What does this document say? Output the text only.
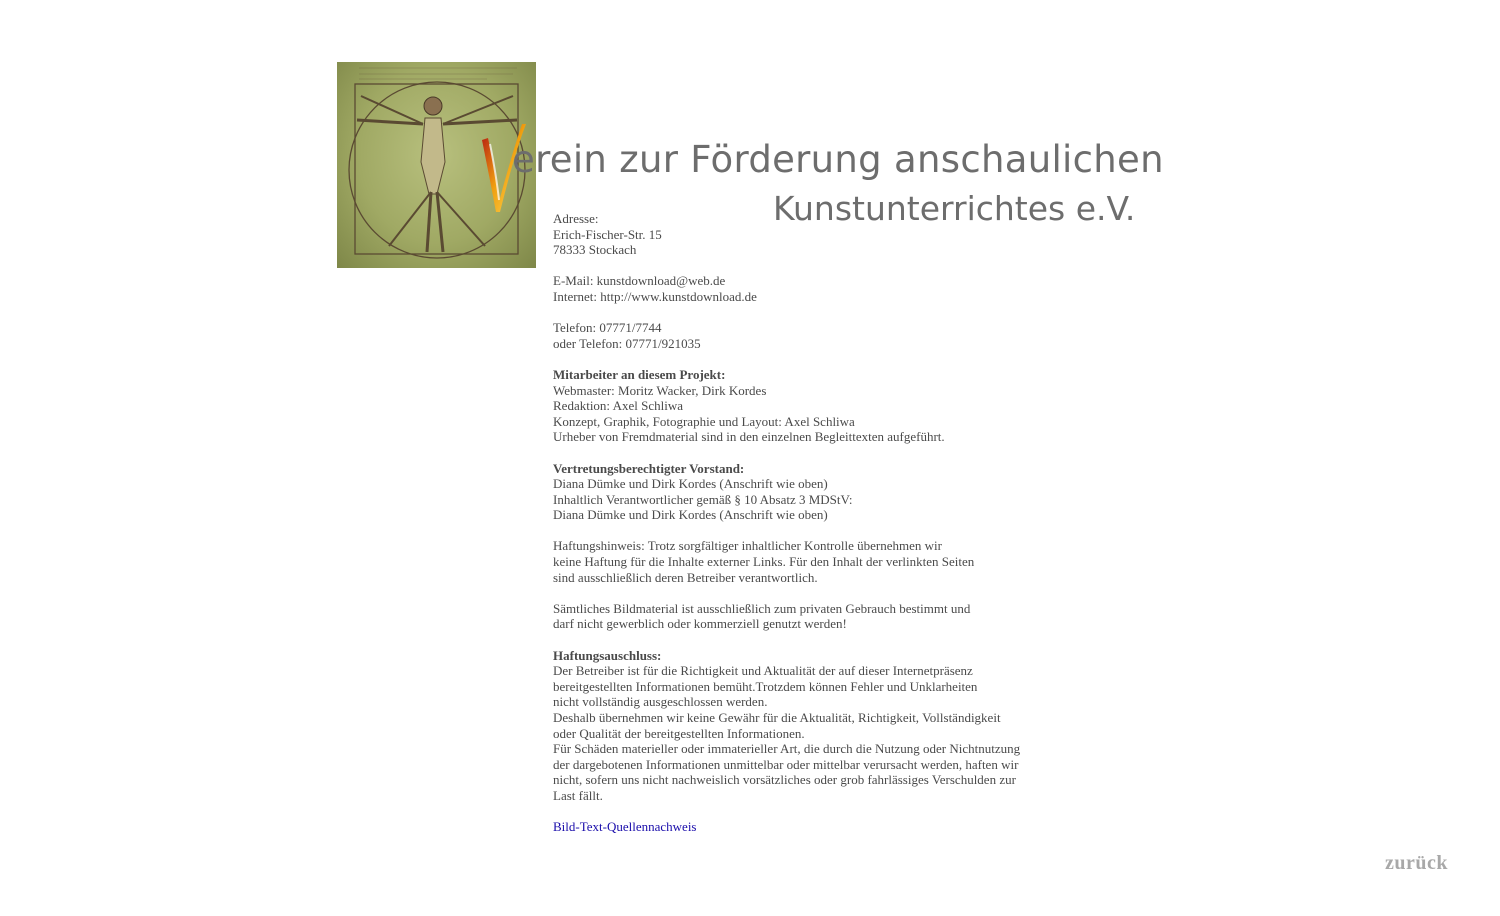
V
erein zur Förderung anschaulichen
Kunstunterrichtes e.V.
Adresse:
Erich-Fischer-Str. 15
78333 Stockach
E-Mail: kunstdownload@web.de
Internet: http://www.kunstdownload.de
Telefon: 07771/7744
oder Telefon: 07771/921035
Mitarbeiter an diesem Projekt:
Webmaster: Moritz Wacker, Dirk Kordes
Redaktion: Axel Schliwa
Konzept, Graphik, Fotographie und Layout: Axel Schliwa
Urheber von Fremdmaterial sind in den einzelnen Begleittexten aufgeführt.
Vertretungsberechtigter Vorstand:
Diana Dümke und Dirk Kordes (Anschrift wie oben)
Inhaltlich Verantwortlicher gemäß § 10 Absatz 3 MDStV:
Diana Dümke und Dirk Kordes (Anschrift wie oben)
Haftungshinweis: Trotz sorgfältiger inhaltlicher Kontrolle übernehmen wir
keine Haftung für die Inhalte externer Links. Für den Inhalt der verlinkten Seiten
sind ausschließlich deren Betreiber verantwortlich.
Sämtliches Bildmaterial ist ausschließlich zum privaten Gebrauch bestimmt und
darf nicht gewerblich oder kommerziell genutzt werden!
Haftungsauschluss:
Der Betreiber ist für die Richtigkeit und Aktualität der auf dieser Internetpräsenz
bereitgestellten Informationen bemüht.Trotzdem können Fehler und Unklarheiten
nicht vollständig ausgeschlossen werden.
Deshalb übernehmen wir keine Gewähr für die Aktualität, Richtigkeit, Vollständigkeit
oder Qualität der bereitgestellten Informationen.
Für Schäden materieller oder immaterieller Art, die durch die Nutzung oder Nichtnutzung
der dargebotenen Informationen unmittelbar oder mittelbar verursacht werden, haften wir
nicht, sofern uns nicht nachweislich vorsätzliches oder grob fahrlässiges Verschulden zur
Last fällt.
Bild-Text-Quellennachweis
zurück
